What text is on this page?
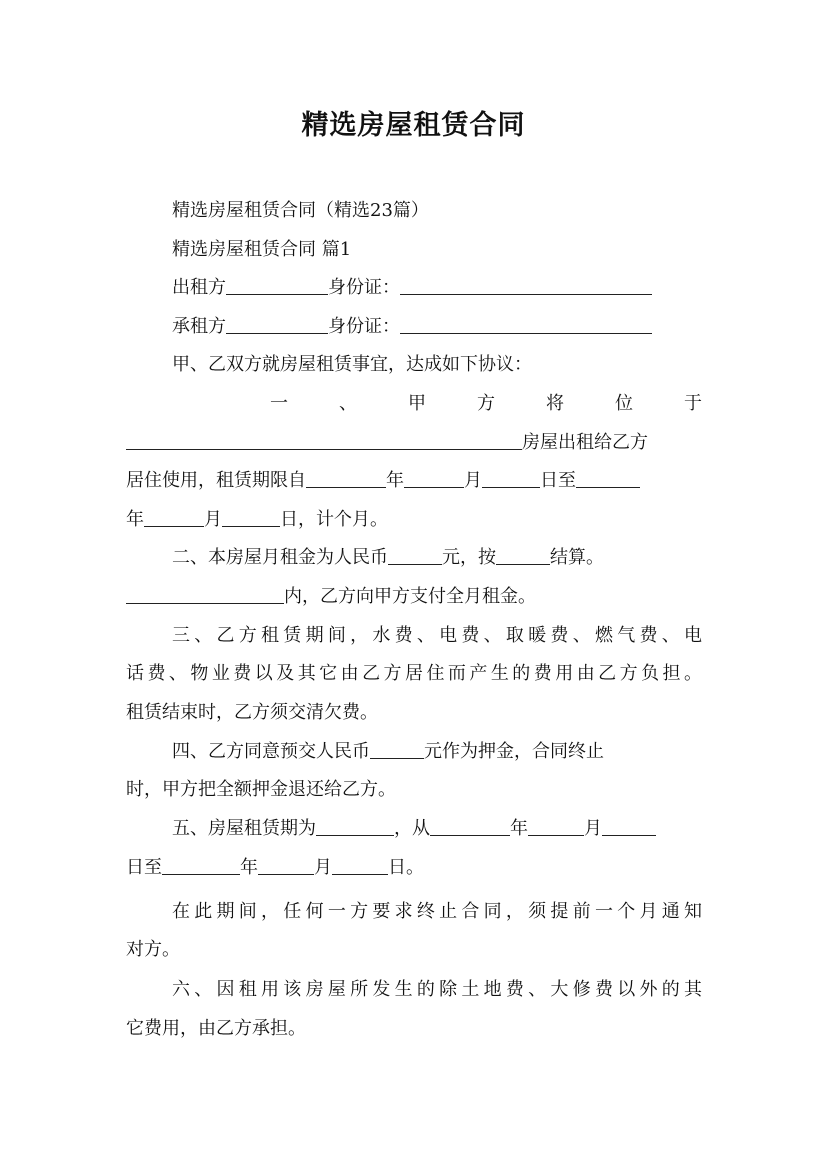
精选房屋租赁合同
精选房屋租赁合同（精选23篇）
精选房屋租赁合同 篇1
出租方	身份证：
承租方	身份证：
甲、乙双方就房屋租赁事宜，达成如下协议：
一、甲方将位于
房屋出租给乙方
居住使用，租赁期限自	年	月	日至
年	月	日，计个月。
二、本房屋月租金为人民币	元，按	结算。
内，乙方向甲方支付全月租金。
三、乙方租赁期间，水费、电费、取暖费、燃气费、电
话费、物业费以及其它由乙方居住而产生的费用由乙方负担。
租赁结束时，乙方须交清欠费。
四、乙方同意预交人民币	元作为押金，合同终止
时，甲方把全额押金退还给乙方。
五、房屋租赁期为	，从	年	月
日至	年	月	日。
在此期间，任何一方要求终止合同，须提前一个月通知
对方。
六、因租用该房屋所发生的除土地费、大修费以外的其
它费用，由乙方承担。
